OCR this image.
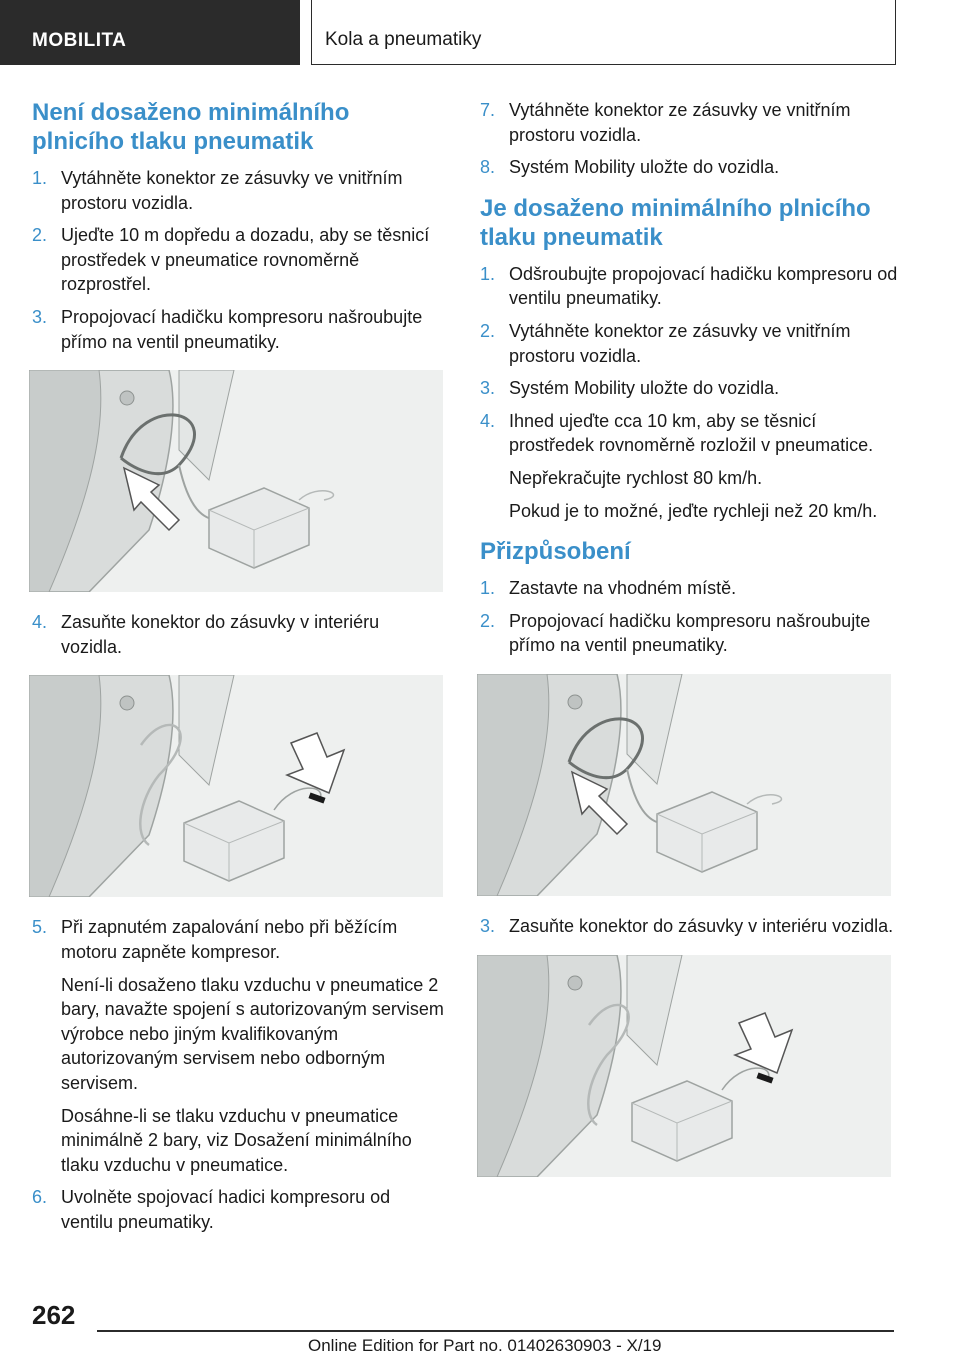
MOBILITA	Kola a pneumatiky
Není dosaženo minimálního plnicího tlaku pneumatik
1. Vytáhněte konektor ze zásuvky ve vnitřním prostoru vozidla.
2. Ujeďte 10 m dopředu a dozadu, aby se těsnicí prostředek v pneumatice rovnoměrně rozprostřel.
3. Propojovací hadičku kompresoru našroubujte přímo na ventil pneumatiky.
4. Zasuňte konektor do zásuvky v interiéru vozidla.
5. Při zapnutém zapalování nebo při běžícím motoru zapněte kompresor.

Není-li dosaženo tlaku vzduchu v pneumatice 2 bary, navažte spojení s autorizovaným servisem výrobce nebo jiným kvalifikovaným autorizovaným servisem nebo odborným servisem.

Dosáhne-li se tlaku vzduchu v pneumatice minimálně 2 bary, viz Dosažení minimálního tlaku vzduchu v pneumatice.

6. Uvolněte spojovací hadici kompresoru od ventilu pneumatiky.
7. Vytáhněte konektor ze zásuvky ve vnitřním prostoru vozidla.
8. Systém Mobility uložte do vozidla.
Je dosaženo minimálního plnicího tlaku pneumatik
1. Odšroubujte propojovací hadičku kompresoru od ventilu pneumatiky.
2. Vytáhněte konektor ze zásuvky ve vnitřním prostoru vozidla.
3. Systém Mobility uložte do vozidla.
4. Ihned ujeďte cca 10 km, aby se těsnicí prostředek rovnoměrně rozložil v pneumatice.

Nepřekračujte rychlost 80 km/h.

Pokud je to možné, jeďte rychleji než 20 km/h.

Přizpůsobení
1. Zastavte na vhodném místě.
2. Propojovací hadičku kompresoru našroubujte přímo na ventil pneumatiky.
3. Zasuňte konektor do zásuvky v interiéru vozidla.
262
Online Edition for Part no. 01402630903 - X/19
